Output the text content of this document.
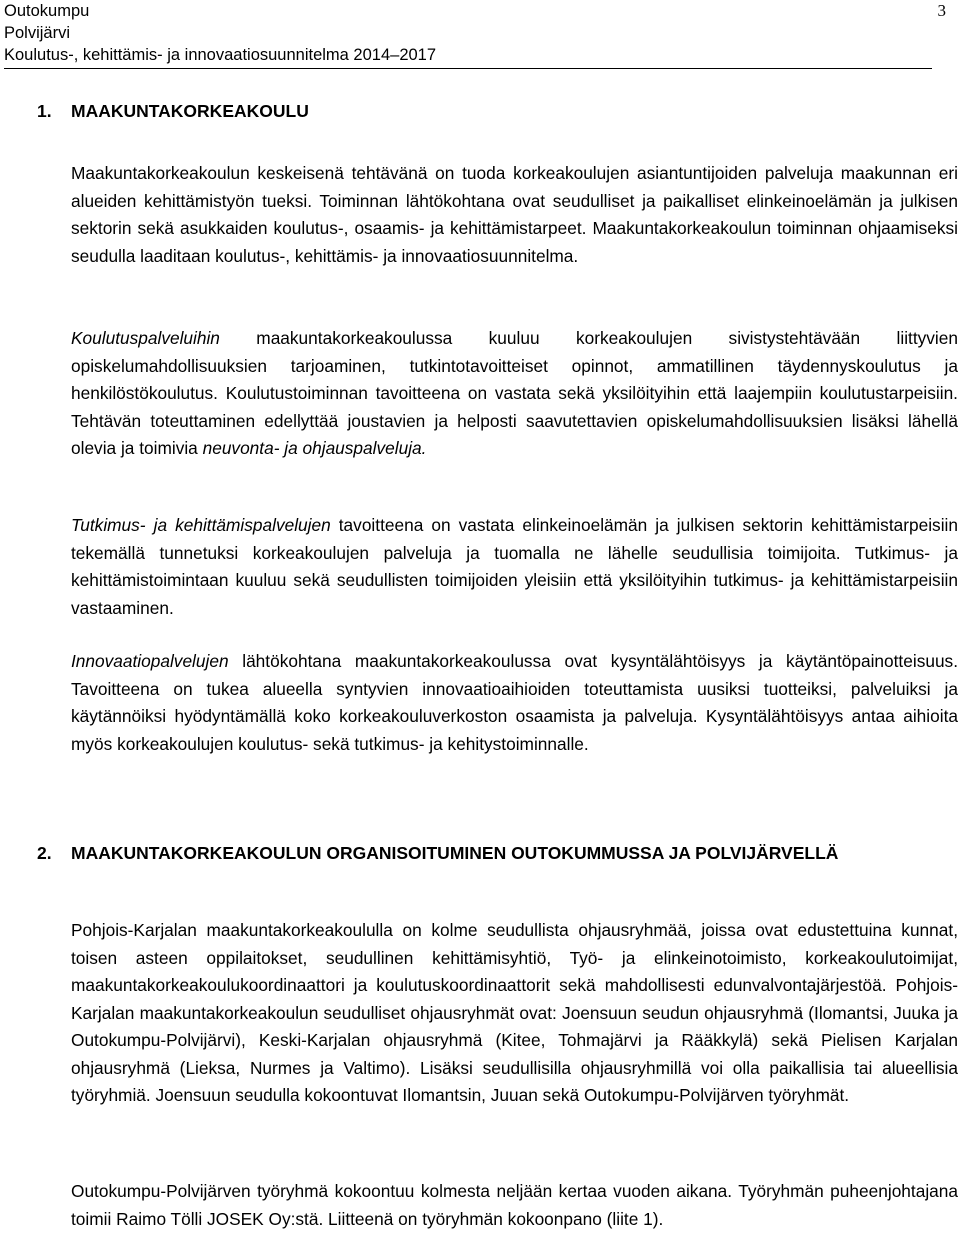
Outokumpu
Polvijärvi
Koulutus-, kehittämis- ja innovaatiosuunnitelma 2014–2017
3
1. MAAKUNTAKORKEAKOULU

Maakuntakorkeakoulun keskeisenä tehtävänä on tuoda korkeakoulujen asiantuntijoiden palveluja maakunnan eri alueiden kehittämistyön tueksi. Toiminnan lähtökohtana ovat seudulliset ja paikalliset elinkeinoelämän ja julkisen sektorin sekä asukkaiden koulutus-, osaamis- ja kehittämistarpeet. Maakuntakorkeakoulun toiminnan ohjaamiseksi seudulla laaditaan koulutus-, kehittämis- ja innovaatiosuunnitelma.

Koulutuspalveluihin maakuntakorkeakoulussa kuuluu korkeakoulujen sivistystehtävään liittyvien opiskelumahdollisuuksien tarjoaminen, tutkintotavoitteiset opinnot, ammatillinen täydennyskoulutus ja henkilöstökoulutus. Koulutustoiminnan tavoitteena on vastata sekä yksilöityihin että laajempiin koulutustarpeisiin. Tehtävän toteuttaminen edellyttää joustavien ja helposti saavutettavien opiskelumahdollisuuksien lisäksi lähellä olevia ja toimivia neuvonta- ja ohjauspalveluja.

Tutkimus- ja kehittämispalvelujen tavoitteena on vastata elinkeinoelämän ja julkisen sektorin kehittämistarpeisiin tekemällä tunnetuksi korkeakoulujen palveluja ja tuomalla ne lähelle seudullisia toimijoita. Tutkimus- ja kehittämistoimintaan kuuluu sekä seudullisten toimijoiden yleisiin että yksilöityihin tutkimus- ja kehittämistarpeisiin vastaaminen.

Innovaatiopalvelujen lähtökohtana maakuntakorkeakoulussa ovat kysyntälähtöisyys ja käytäntöpainotteisuus. Tavoitteena on tukea alueella syntyvien innovaatioaihioiden toteuttamista uusiksi tuotteiksi, palveluiksi ja käytännöiksi hyödyntämällä koko korkeakouluverkoston osaamista ja palveluja. Kysyntälähtöisyys antaa aihioita myös korkeakoulujen koulutus- sekä tutkimus- ja kehitystoiminnalle.

2. MAAKUNTAKORKEAKOULUN ORGANISOITUMINEN OUTOKUMMUSSA JA POLVIJÄRVELLÄ

Pohjois-Karjalan maakuntakorkeakoululla on kolme seudullista ohjausryhmää, joissa ovat edustettuina kunnat, toisen asteen oppilaitokset, seudullinen kehittämisyhtiö, Työ- ja elinkeinotoimisto, korkeakoulutoimijat, maakuntakorkeakoulukoordinaattori ja koulutuskoordinaattorit sekä mahdollisesti edunvalvontajärjestöä. Pohjois-Karjalan maakuntakorkeakoulun seudulliset ohjausryhmät ovat: Joensuun seudun ohjausryhmä (Ilomantsi, Juuka ja Outokumpu-Polvijärvi), Keski-Karjalan ohjausryhmä (Kitee, Tohmajärvi ja Rääkkylä) sekä Pielisen Karjalan ohjausryhmä (Lieksa, Nurmes ja Valtimo). Lisäksi seudullisilla ohjausryhmillä voi olla paikallisia tai alueellisia työryhmiä. Joensuun seudulla kokoontuvat Ilomantsin, Juuan sekä Outokumpu-Polvijärven työryhmät.

Outokumpu-Polvijärven työryhmä kokoontuu kolmesta neljään kertaa vuoden aikana. Työryhmän puheenjohtajana toimii Raimo Tölli JOSEK Oy:stä. Liitteenä on työryhmän kokoonpano (liite 1).
